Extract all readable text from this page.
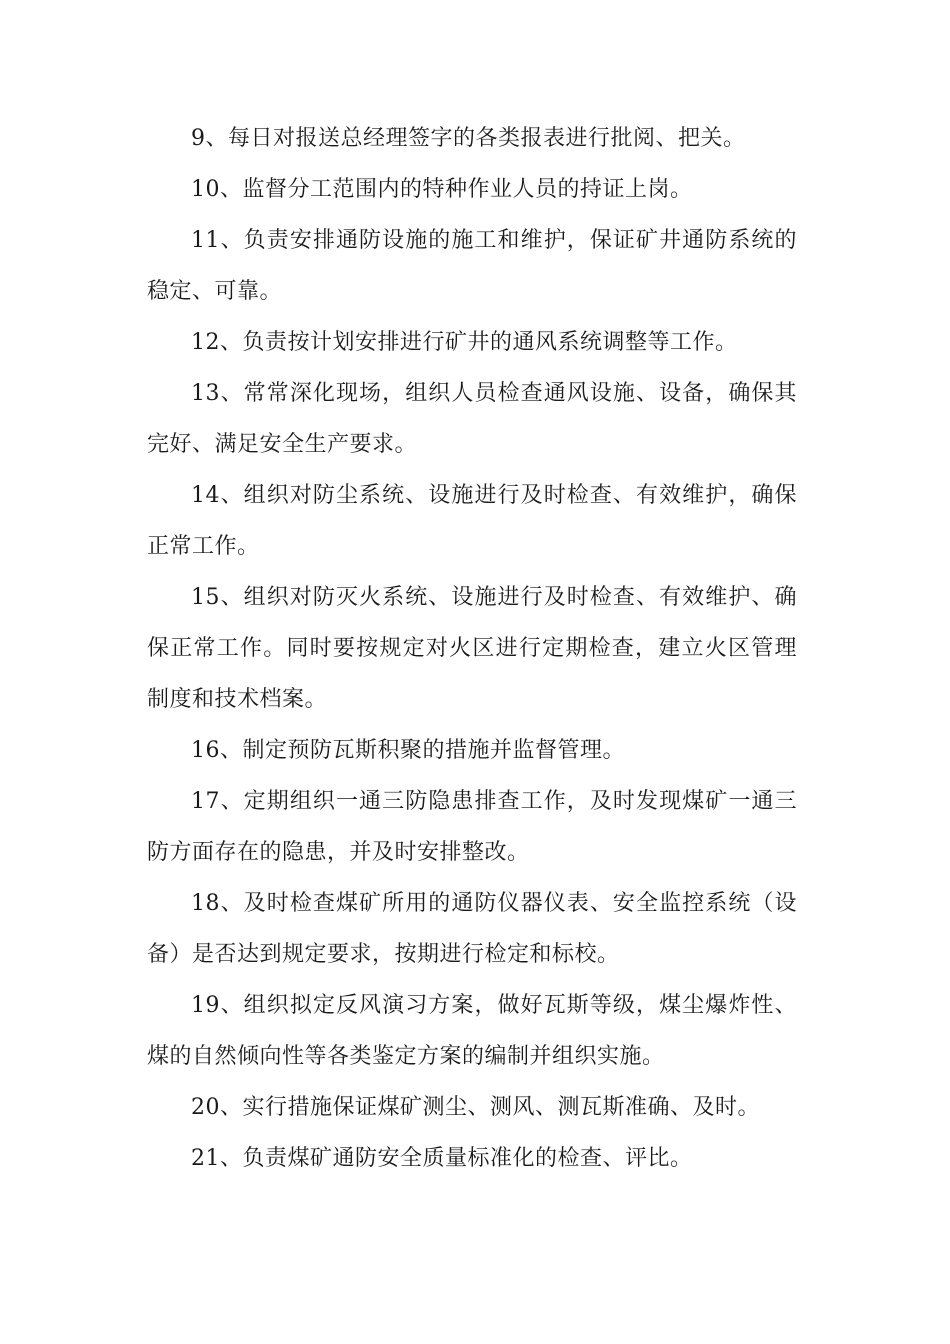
9、每日对报送总经理签字的各类报表进行批阅、把关。

10、监督分工范围内的特种作业人员的持证上岗。

11、负责安排通防设施的施工和维护，保证矿井通防系统的稳定、可靠。

12、负责按计划安排进行矿井的通风系统调整等工作。

13、常常深化现场，组织人员检查通风设施、设备，确保其完好、满足安全生产要求。

14、组织对防尘系统、设施进行及时检查、有效维护，确保正常工作。

15、组织对防灭火系统、设施进行及时检查、有效维护、确保正常工作。同时要按规定对火区进行定期检查，建立火区管理制度和技术档案。

16、制定预防瓦斯积聚的措施并监督管理。

17、定期组织一通三防隐患排查工作，及时发现煤矿一通三防方面存在的隐患，并及时安排整改。

18、及时检查煤矿所用的通防仪器仪表、安全监控系统（设备）是否达到规定要求，按期进行检定和标校。

19、组织拟定反风演习方案，做好瓦斯等级，煤尘爆炸性、煤的自然倾向性等各类鉴定方案的编制并组织实施。

20、实行措施保证煤矿测尘、测风、测瓦斯准确、及时。

21、负责煤矿通防安全质量标准化的检查、评比。
